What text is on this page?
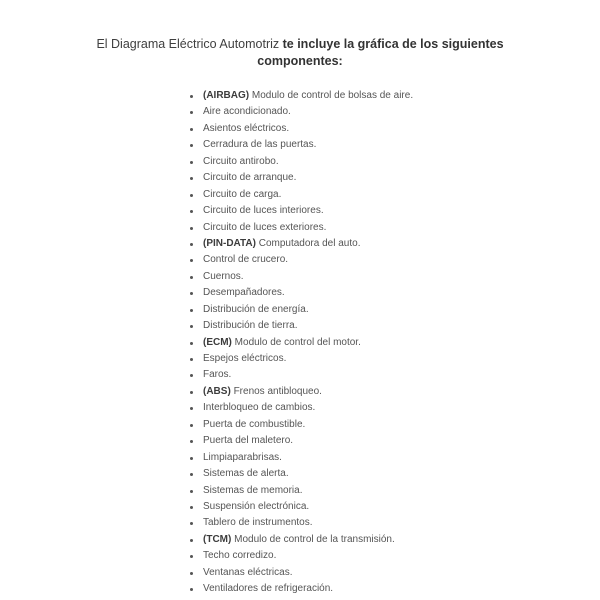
El Diagrama Eléctrico Automotriz te incluye la gráfica de los siguientes
componentes:
(AIRBAG) Modulo de control de bolsas de aire.
Aire acondicionado.
Asientos eléctricos.
Cerradura de las puertas.
Circuito antirobo.
Circuito de arranque.
Circuito de carga.
Circuito de luces interiores.
Circuito de luces exteriores.
(PIN-DATA) Computadora del auto.
Control de crucero.
Cuernos.
Desempañadores.
Distribución de energía.
Distribución de tierra.
(ECM) Modulo de control del motor.
Espejos eléctricos.
Faros.
(ABS) Frenos antibloqueo.
Interbloqueo de cambios.
Puerta de combustible.
Puerta del maletero.
Limpiaparabrisas.
Sistemas de alerta.
Sistemas de memoria.
Suspensión electrónica.
Tablero de instrumentos.
(TCM) Modulo de control de la transmisión.
Techo corredizo.
Ventanas eléctricas.
Ventiladores de refrigeración.
